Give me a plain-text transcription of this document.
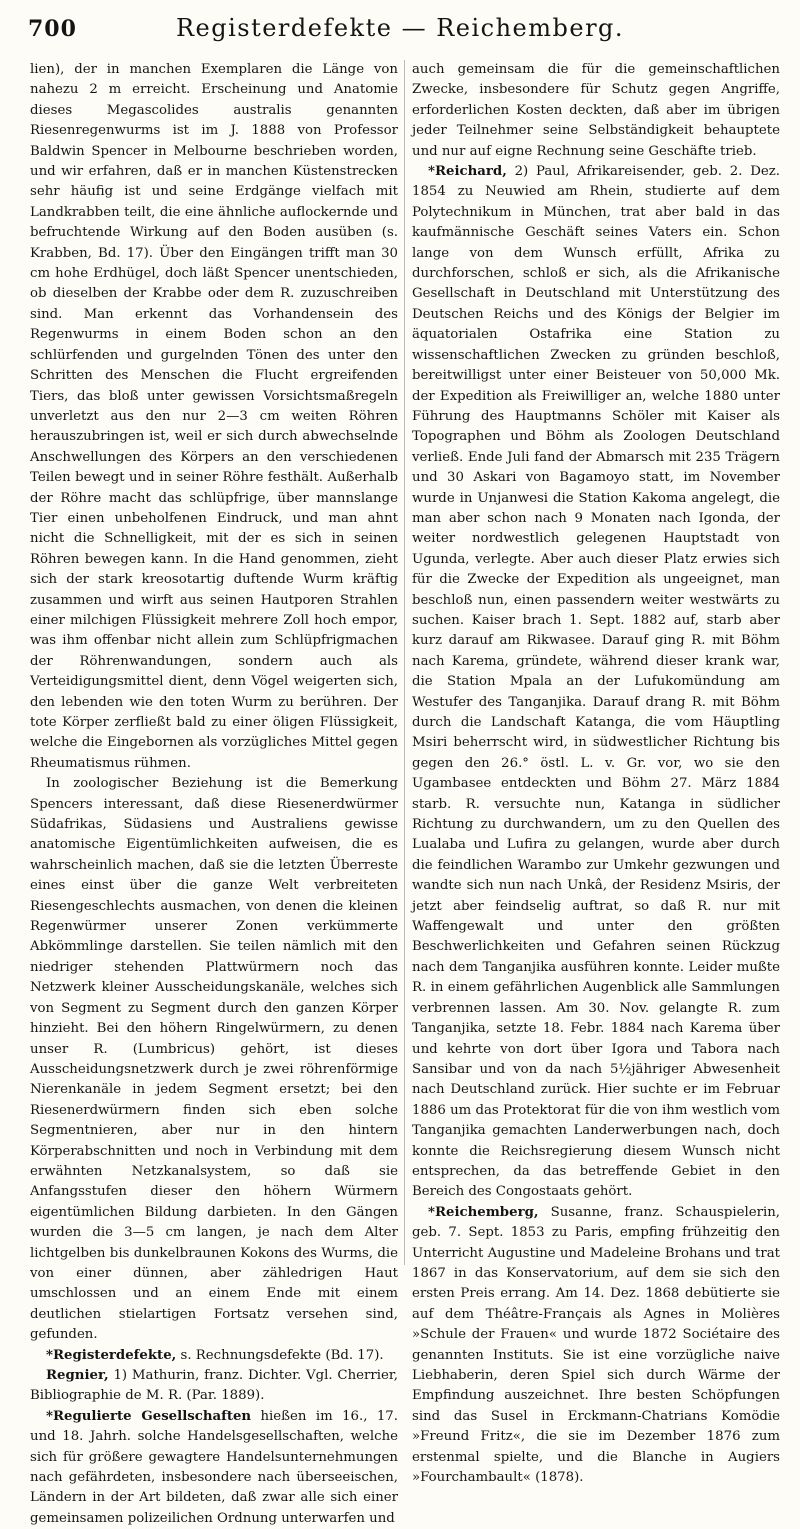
700	Registerdefekte — Reichemberg.

lien), der in manchen Exemplaren die Länge von nahezu 2 m erreicht. Erscheinung und Anatomie dieses Megascolides australis genannten Riesenregenwurms ist im J. 1888 von Professor Baldwin Spencer in Melbourne beschrieben worden, und wir erfahren, daß er in manchen Küstenstrecken sehr häufig ist und seine Erdgänge vielfach mit Landkrabben teilt, die eine ähnliche auflockernde und befruchtende Wirkung auf den Boden ausüben (s. Krabben, Bd. 17). Über den Eingängen trifft man 30 cm hohe Erdhügel, doch läßt Spencer unentschieden, ob dieselben der Krabbe oder dem R. zuzuschreiben sind. Man erkennt das Vorhandensein des Regenwurms in einem Boden schon an den schlürfenden und gurgelnden Tönen des unter den Schritten des Menschen die Flucht ergreifenden Tiers, das bloß unter gewissen Vorsichtsmaßregeln unverletzt aus den nur 2—3 cm weiten Röhren herauszubringen ist, weil er sich durch abwechselnde Anschwellungen des Körpers an den verschiedenen Teilen bewegt und in seiner Röhre festhält. Außerhalb der Röhre macht das schlüpfrige, über mannslange Tier einen unbeholfenen Eindruck, und man ahnt nicht die Schnelligkeit, mit der es sich in seinen Röhren bewegen kann. In die Hand genommen, zieht sich der stark kreosotartig duftende Wurm kräftig zusammen und wirft aus seinen Hautporen Strahlen einer milchigen Flüssigkeit mehrere Zoll hoch empor, was ihm offenbar nicht allein zum Schlüpfrigmachen der Röhrenwandungen, sondern auch als Verteidigungsmittel dient, denn Vögel weigerten sich, den lebenden wie den toten Wurm zu berühren. Der tote Körper zerfließt bald zu einer öligen Flüssigkeit, welche die Eingebornen als vorzügliches Mittel gegen Rheumatismus rühmen.

In zoologischer Beziehung ist die Bemerkung Spencers interessant, daß diese Riesenerdwürmer Südafrikas, Südasiens und Australiens gewisse anatomische Eigentümlichkeiten aufweisen, die es wahrscheinlich machen, daß sie die letzten Überreste eines einst über die ganze Welt verbreiteten Riesengeschlechts ausmachen, von denen die kleinen Regenwürmer unserer Zonen verkümmerte Abkömmlinge darstellen. Sie teilen nämlich mit den niedriger stehenden Plattwürmern noch das Netzwerk kleiner Ausscheidungskanäle, welches sich von Segment zu Segment durch den ganzen Körper hinzieht. Bei den höhern Ringelwürmern, zu denen unser R. (Lumbricus) gehört, ist dieses Ausscheidungsnetzwerk durch je zwei röhrenförmige Nierenkanäle in jedem Segment ersetzt; bei den Riesenerdwürmern finden sich eben solche Segmentnieren, aber nur in den hintern Körperabschnitten und noch in Verbindung mit dem erwähnten Netzkanalsystem, so daß sie Anfangsstufen dieser den höhern Würmern eigentümlichen Bildung darbieten. In den Gängen wurden die 3—5 cm langen, je nach dem Alter lichtgelben bis dunkelbraunen Kokons des Wurms, die von einer dünnen, aber zähledrigen Haut umschlossen und an einem Ende mit einem deutlichen stielartigen Fortsatz versehen sind, gefunden.

*Registerdefekte, s. Rechnungsdefekte (Bd. 17).

Regnier, 1) Mathurin, franz. Dichter. Vgl. Cherrier, Bibliographie de M. R. (Par. 1889).

*Regulierte Gesellschaften hießen im 16., 17. und 18. Jahrh. solche Handelsgesellschaften, welche sich für größere gewagtere Handelsunternehmungen nach gefährdeten, insbesondere nach überseeischen, Ländern in der Art bildeten, daß zwar alle sich einer gemeinsamen polizeilichen Ordnung unterwarfen und

auch gemeinsam die für die gemeinschaftlichen Zwecke, insbesondere für Schutz gegen Angriffe, erforderlichen Kosten deckten, daß aber im übrigen jeder Teilnehmer seine Selbständigkeit behauptete und nur auf eigne Rechnung seine Geschäfte trieb.

*Reichard, 2) Paul, Afrikareisender, geb. 2. Dez. 1854 zu Neuwied am Rhein, studierte auf dem Polytechnikum in München, trat aber bald in das kaufmännische Geschäft seines Vaters ein. Schon lange von dem Wunsch erfüllt, Afrika zu durchforschen, schloß er sich, als die Afrikanische Gesellschaft in Deutschland mit Unterstützung des Deutschen Reichs und des Königs der Belgier im äquatorialen Ostafrika eine Station zu wissenschaftlichen Zwecken zu gründen beschloß, bereitwilligst unter einer Beisteuer von 50,000 Mk. der Expedition als Freiwilliger an, welche 1880 unter Führung des Hauptmanns Schöler mit Kaiser als Topographen und Böhm als Zoologen Deutschland verließ. Ende Juli fand der Abmarsch mit 235 Trägern und 30 Askari von Bagamoyo statt, im November wurde in Unjanwesi die Station Kakoma angelegt, die man aber schon nach 9 Monaten nach Igonda, der weiter nordwestlich gelegenen Hauptstadt von Ugunda, verlegte. Aber auch dieser Platz erwies sich für die Zwecke der Expedition als ungeeignet, man beschloß nun, einen passendern weiter westwärts zu suchen. Kaiser brach 1. Sept. 1882 auf, starb aber kurz darauf am Rikwasee. Darauf ging R. mit Böhm nach Karema, gründete, während dieser krank war, die Station Mpala an der Lufukomündung am Westufer des Tanganjika. Darauf drang R. mit Böhm durch die Landschaft Katanga, die vom Häuptling Msiri beherrscht wird, in südwestlicher Richtung bis gegen den 26.° östl. L. v. Gr. vor, wo sie den Ugambasee entdeckten und Böhm 27. März 1884 starb. R. versuchte nun, Katanga in südlicher Richtung zu durchwandern, um zu den Quellen des Lualaba und Lufira zu gelangen, wurde aber durch die feindlichen Warambo zur Umkehr gezwungen und wandte sich nun nach Unkâ, der Residenz Msiris, der jetzt aber feindselig auftrat, so daß R. nur mit Waffengewalt und unter den größten Beschwerlichkeiten und Gefahren seinen Rückzug nach dem Tanganjika ausführen konnte. Leider mußte R. in einem gefährlichen Augenblick alle Sammlungen verbrennen lassen. Am 30. Nov. gelangte R. zum Tanganjika, setzte 18. Febr. 1884 nach Karema über und kehrte von dort über Igora und Tabora nach Sansibar und von da nach 5½jähriger Abwesenheit nach Deutschland zurück. Hier suchte er im Februar 1886 um das Protektorat für die von ihm westlich vom Tanganjika gemachten Landerwerbungen nach, doch konnte die Reichsregierung diesem Wunsch nicht entsprechen, da das betreffende Gebiet in den Bereich des Congostaats gehört.

*Reichemberg, Susanne, franz. Schauspielerin, geb. 7. Sept. 1853 zu Paris, empfing frühzeitig den Unterricht Augustine und Madeleine Brohans und trat 1867 in das Konservatorium, auf dem sie sich den ersten Preis errang. Am 14. Dez. 1868 debütierte sie auf dem Théâtre-Français als Agnes in Molières »Schule der Frauen« und wurde 1872 Sociétaire des genannten Instituts. Sie ist eine vorzügliche naive Liebhaberin, deren Spiel sich durch Wärme der Empfindung auszeichnet. Ihre besten Schöpfungen sind das Susel in Erckmann-Chatrians Komödie »Freund Fritz«, die sie im Dezember 1876 zum erstenmal spielte, und die Blanche in Augiers »Fourchambault« (1878).
